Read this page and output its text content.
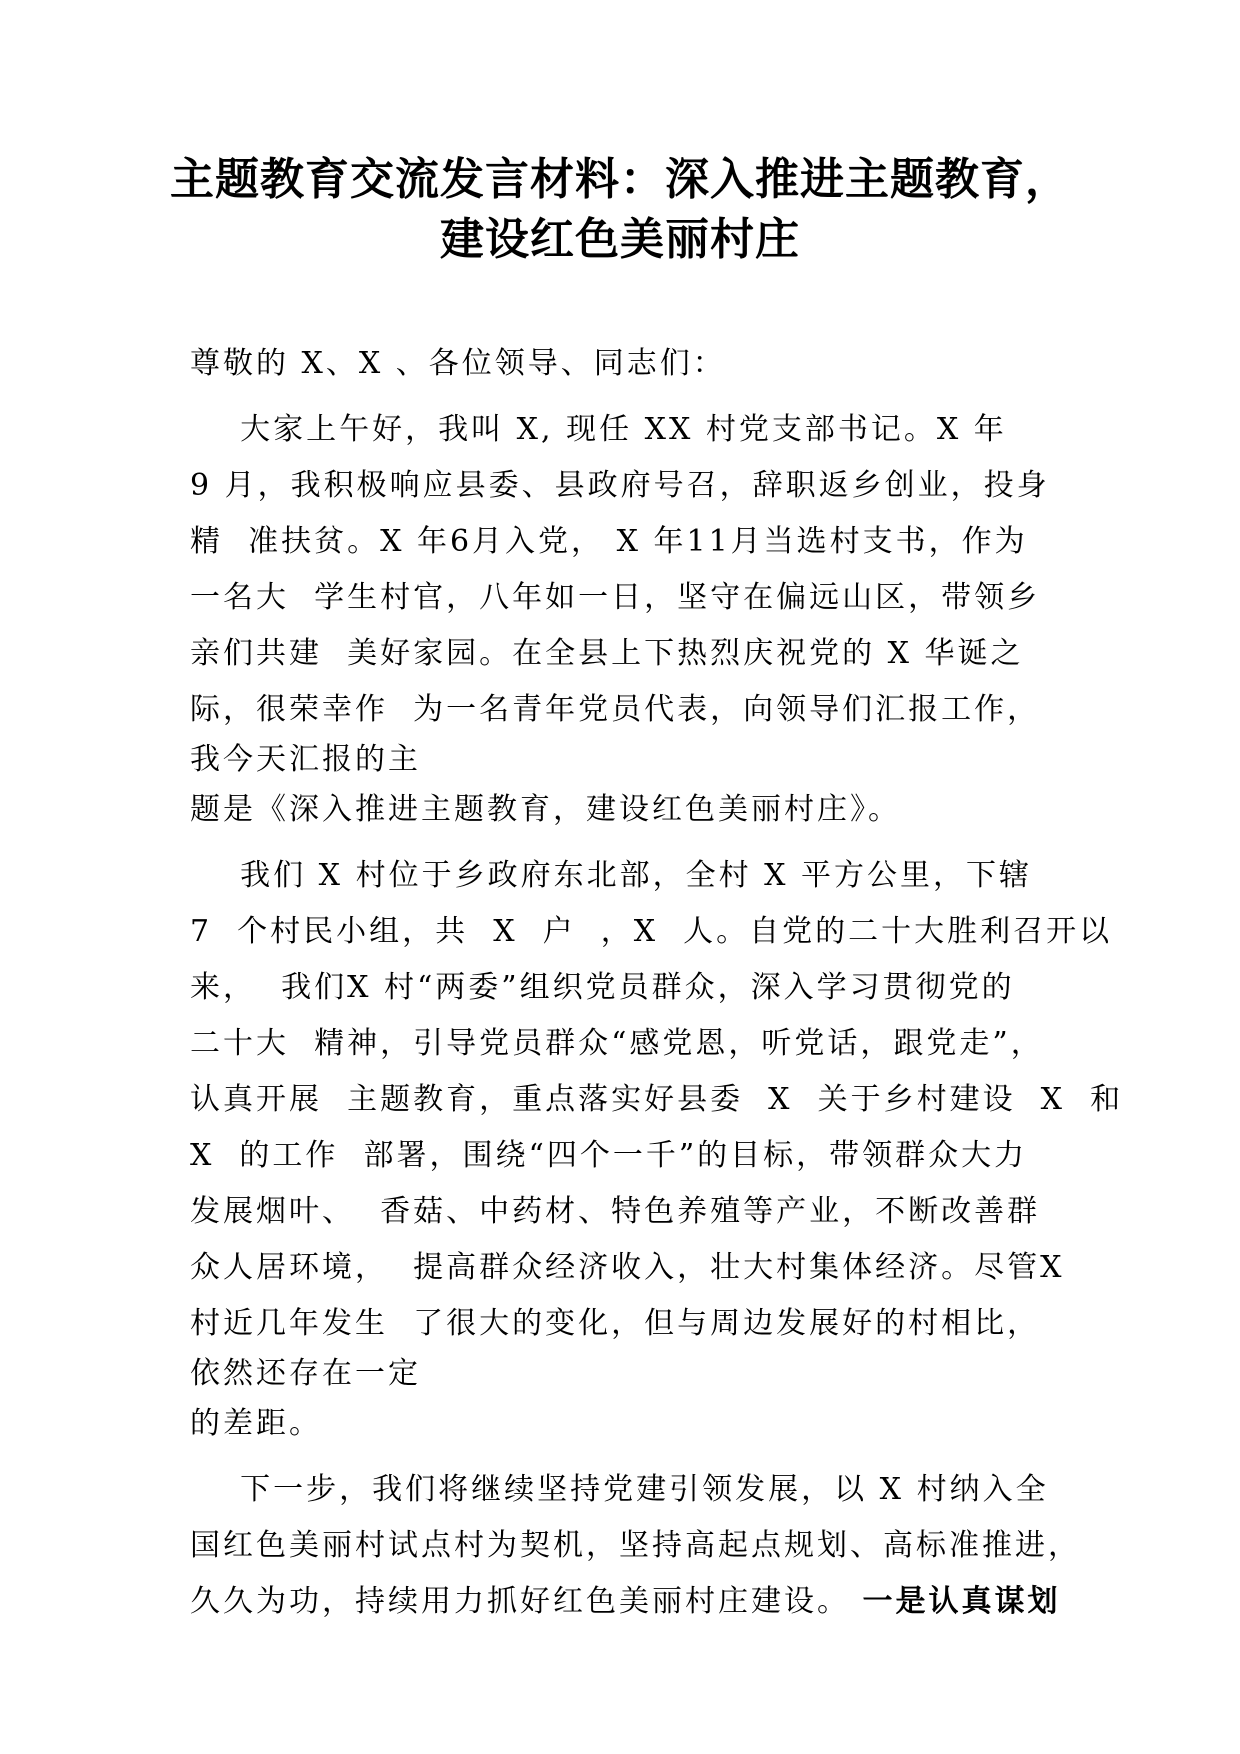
主题教育交流发言材料：深入推进主题教育，
建设红色美丽村庄
尊敬的 X、X 、各位领导、同志们：
大家上午好，我叫 X, 现任 XX 村党支部书记。X 年
9 月，我积极响应县委、县政府号召，辞职返乡创业，投身
精  准扶贫。X 年6月入党， X 年11月当选村支书，作为
一名大  学生村官，八年如一日，坚守在偏远山区，带领乡
亲们共建  美好家园。在全县上下热烈庆祝党的 X 华诞之
际，很荣幸作  为一名青年党员代表，向领导们汇报工作，
我今天汇报的主
题是《深入推进主题教育，建设红色美丽村庄》。
我们 X 村位于乡政府东北部，全村 X 平方公里，下辖
7  个村民小组，共  X  户  ，X  人。自党的二十大胜利召开以
来，  我们X 村“两委”组织党员群众，深入学习贯彻党的
二十大  精神，引导党员群众“感党恩，听党话，跟党走”，
认真开展  主题教育，重点落实好县委  X  关于乡村建设  X  和
X  的工作  部署，围绕“四个一千”的目标，带领群众大力
发展烟叶、  香菇、中药材、特色养殖等产业，不断改善群
众人居环境，  提高群众经济收入，壮大村集体经济。尽管X
村近几年发生  了很大的变化，但与周边发展好的村相比，
依然还存在一定
的差距。
下一步，我们将继续坚持党建引领发展，以 X 村纳入全
国红色美丽村试点村为契机，坚持高起点规划、高标准推进，
久久为功，持续用力抓好红色美丽村庄建设。 一是认真谋划
